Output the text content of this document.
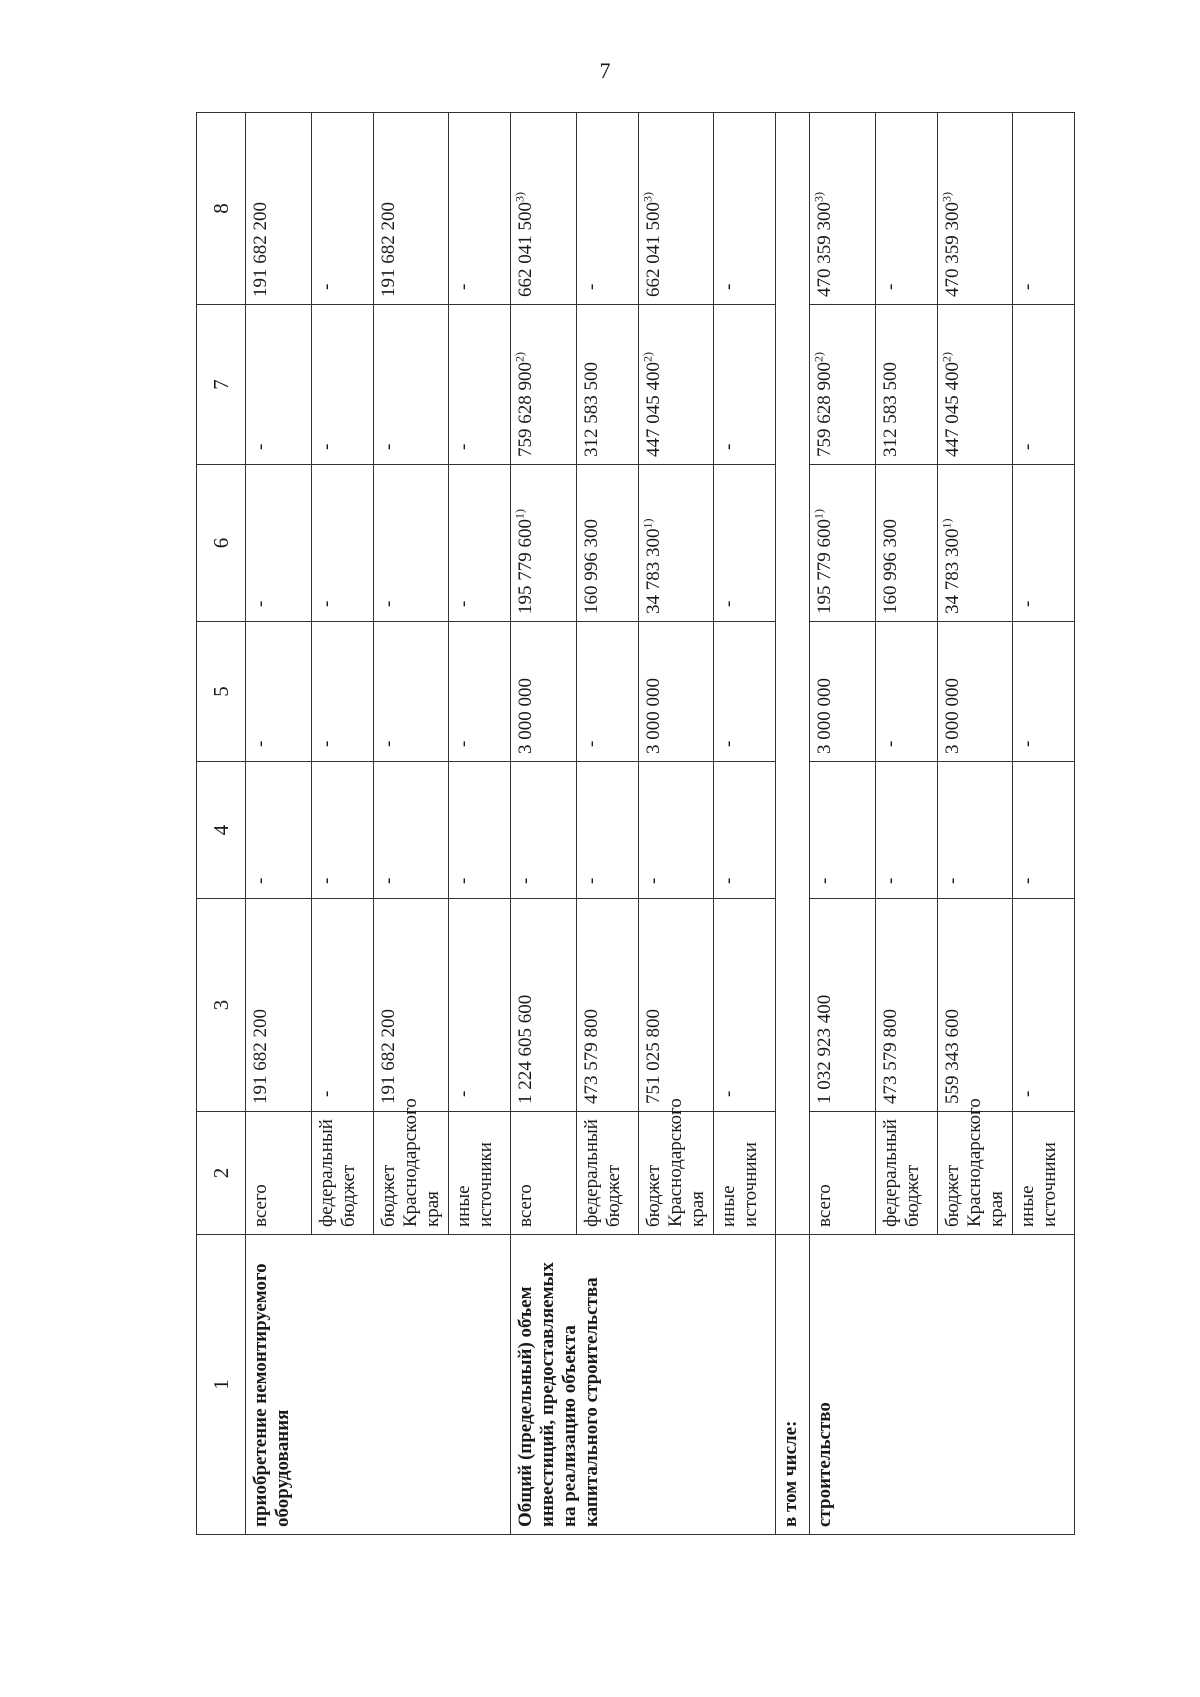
7
1	2	3	4	5	6	7	8
приобретение немонтируемого оборудования	всего	191 682 200	-	-	-	-	191 682 200
	федеральный бюджет	-	-	-	-	-	-
	бюджет Краснодарского края	191 682 200	-	-	-	-	191 682 200
	иные источники	-	-	-	-	-	-
Общий (предельный) объем инвестиций, предоставляемых на реализацию объекта капитального строительства	всего	1 224 605 600	-	3 000 000	195 779 600$^{1)}$	759 628 900$^{2)}$	662 041 500$^{3)}$
	федеральный бюджет	473 579 800	-	-	160 996 300	312 583 500	-
	бюджет Краснодарского края	751 025 800	-	3 000 000	34 783 300$^{1)}$	447 045 400$^{2)}$	662 041 500$^{3)}$
	иные источники	-	-	-	-	-	-
в том числе:							
строительство	всего	1 032 923 400	-	3 000 000	195 779 600$^{1)}$	759 628 900$^{2)}$	470 359 300$^{3)}$
	федеральный бюджет	473 579 800	-	-	160 996 300	312 583 500	-
	бюджет Краснодарского края	559 343 600	-	3 000 000	34 783 300$^{1)}$	447 045 400$^{2)}$	470 359 300$^{3)}$
	иные источники	-	-	-	-	-	-
